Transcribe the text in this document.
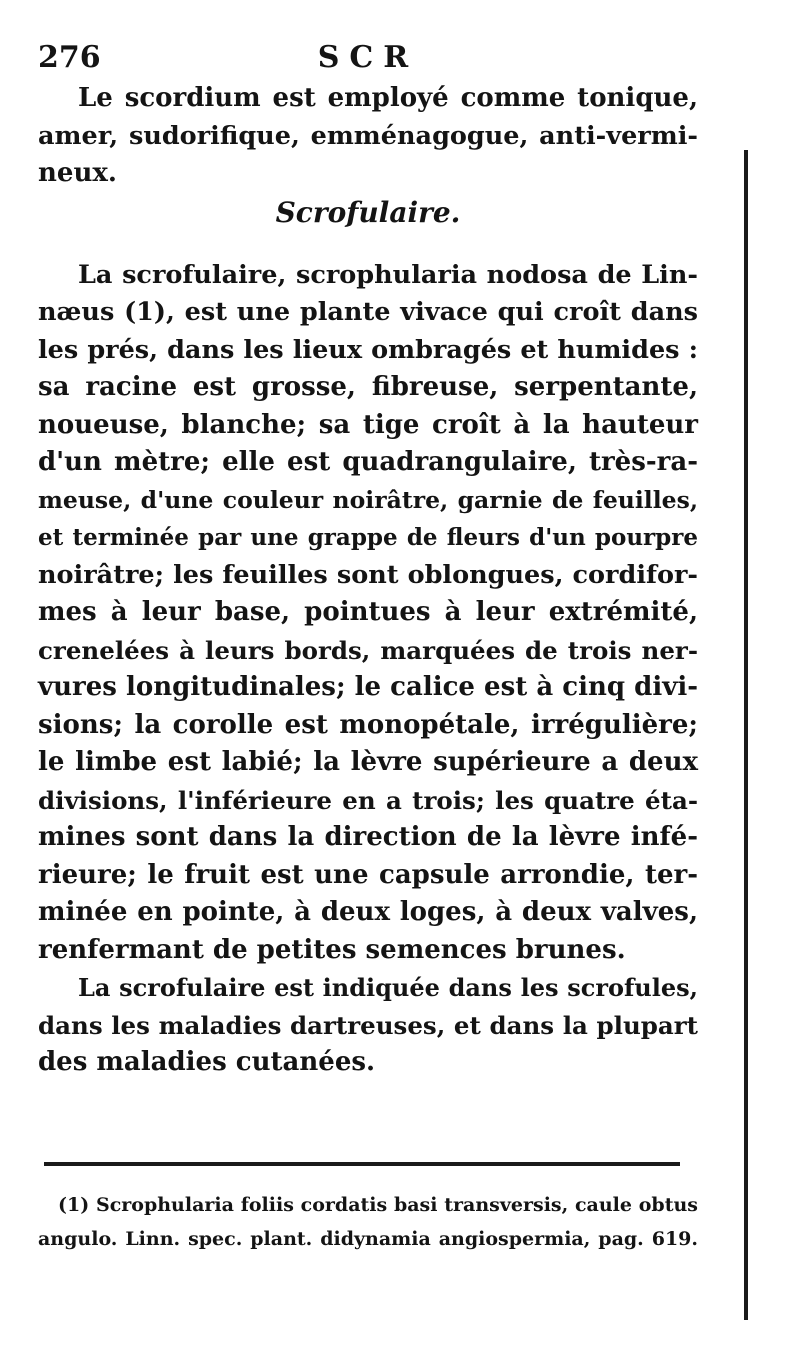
276	SCR
Le scordium est employé comme tonique,
amer, sudorifique, emménagogue, anti-vermi-
neux.
Scrofulaire.
La scrofulaire, scrophularia nodosa de Lin-
næus (1), est une plante vivace qui croît dans
les prés, dans les lieux ombragés et humides :
sa racine est grosse, fibreuse, serpentante,
noueuse, blanche; sa tige croît à la hauteur
d'un mètre; elle est quadrangulaire, très-ra-
meuse, d'une couleur noirâtre, garnie de feuilles,
et terminée par une grappe de fleurs d'un pourpre
noirâtre; les feuilles sont oblongues, cordifor-
mes à leur base, pointues à leur extrémité,
crenelées à leurs bords, marquées de trois ner-
vures longitudinales; le calice est à cinq divi-
sions; la corolle est monopétale, irrégulière;
le limbe est labié; la lèvre supérieure a deux
divisions, l'inférieure en a trois; les quatre éta-
mines sont dans la direction de la lèvre infé-
rieure; le fruit est une capsule arrondie, ter-
minée en pointe, à deux loges, à deux valves,
renfermant de petites semences brunes.
La scrofulaire est indiquée dans les scrofules,
dans les maladies dartreuses, et dans la plupart
des maladies cutanées.
(1) Scrophularia foliis cordatis basi transversis, caule obtus
angulo. Linn. spec. plant. didynamia angiospermia, pag. 619.
